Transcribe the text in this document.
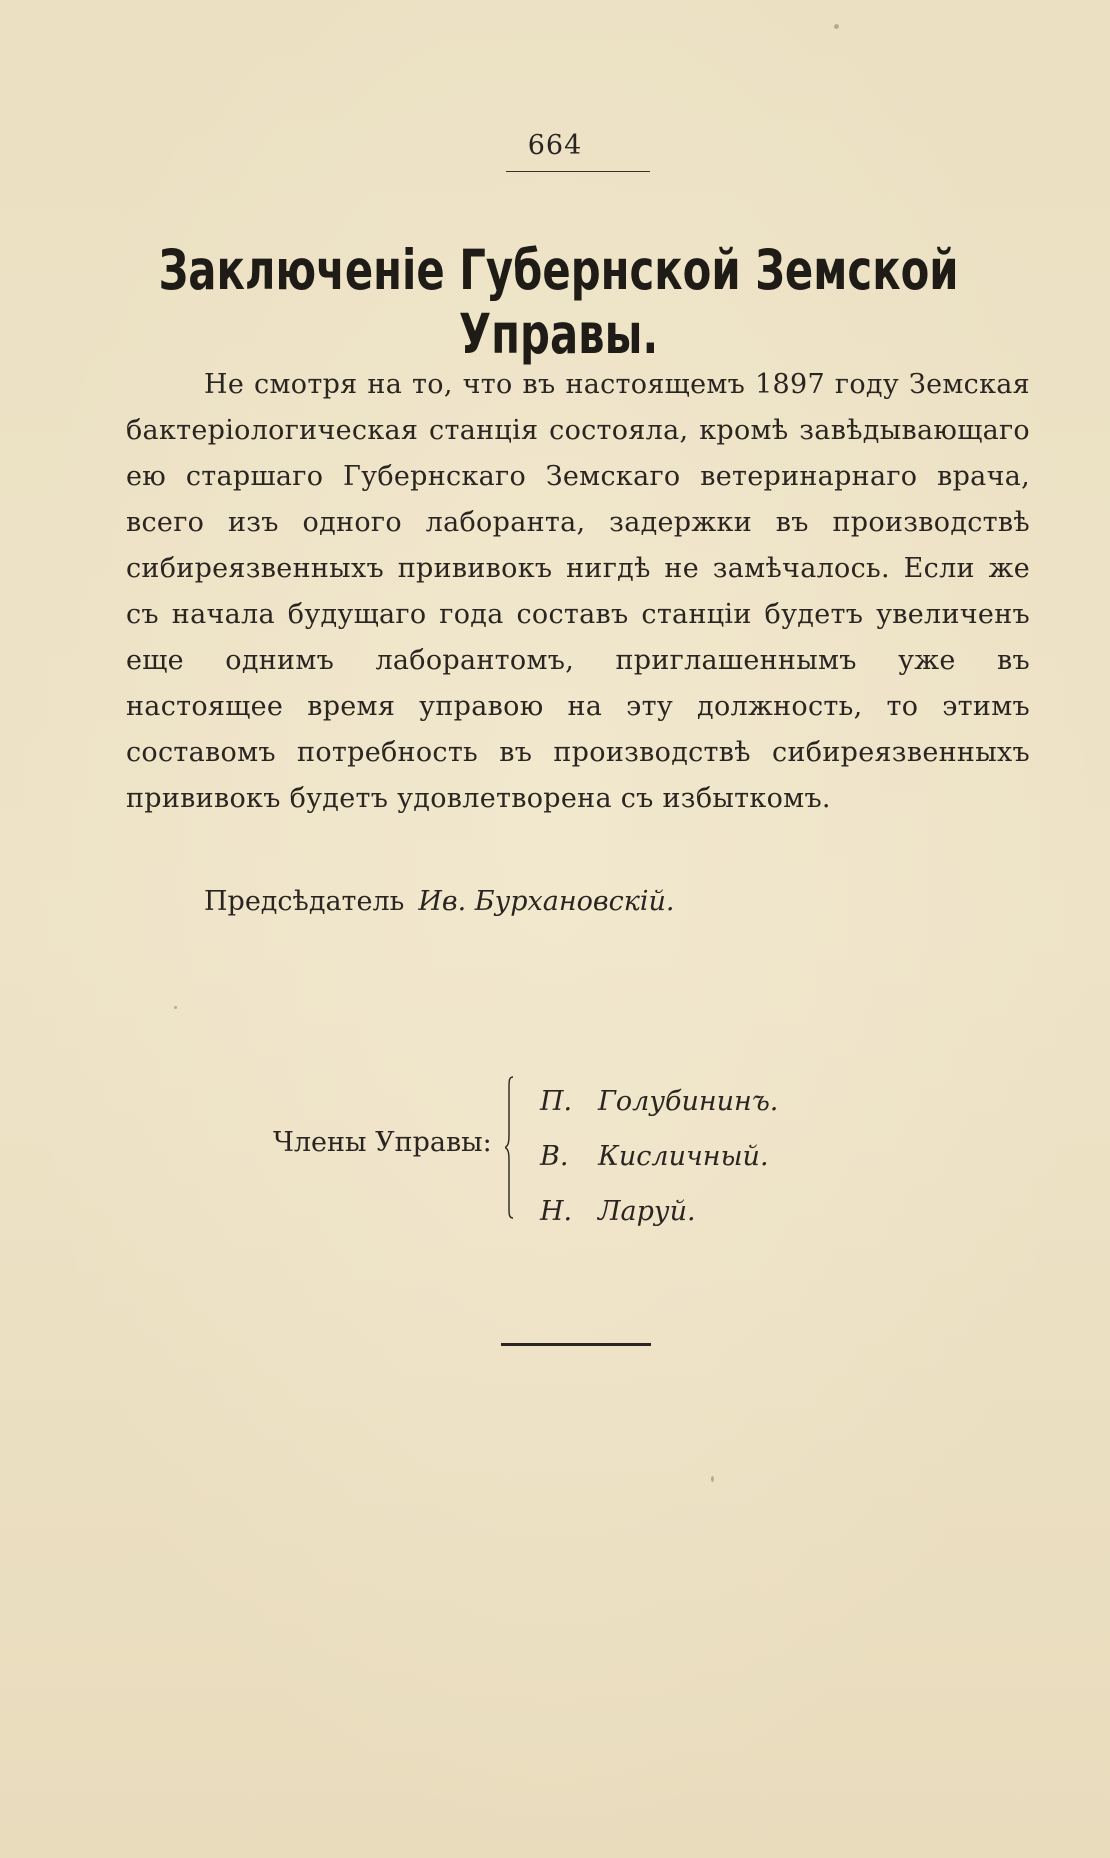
664
Заключеніе Губернской Земской Управы.
Не смотря на то, что въ настоящемъ 1897 году Земская бактеріологическая станція состояла, кромѣ завѣдывающаго ею старшаго Губернскаго Земскаго ветеринарнаго врача, всего изъ одного лаборанта, задержки въ производствѣ сибиреязвенныхъ прививокъ нигдѣ не замѣчалось. Если же съ начала будущаго года составъ станціи будетъ увеличенъ еще однимъ лаборантомъ, приглашеннымъ уже въ настоящее время управою на эту должность, то этимъ составомъ потребность въ производствѣ сибиреязвенныхъ прививокъ будетъ удовлетворена съ избыткомъ.
Предсѣдатель Ив. Бурхановскій.
Члены Управы:
П. Голубининъ.
В. Кисличный.
Н. Ларуй.
